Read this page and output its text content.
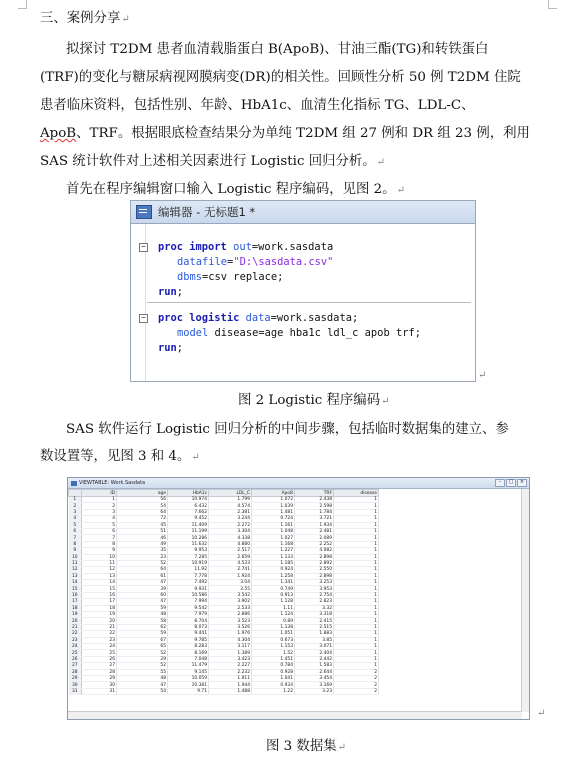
三、案例分享↵
拟探讨 T2DM 患者血清载脂蛋白 B(ApoB)、甘油三酯(TG)和转铁蛋白
(TRF)的变化与糖尿病视网膜病变(DR)的相关性。回顾性分析 50 例 T2DM 住院
患者临床资料，包括性别、年龄、HbA1c、血清生化指标 TG、LDL-C、
ApoB、TRF。根据眼底检查结果分为单纯 T2DM 组 27 例和 DR 组 23 例，利用
SAS 统计软件对上述相关因素进行 Logistic 回归分析。↵
首先在程序编辑窗口输入 Logistic 程序编码，见图 2。↵
编辑器 - 无标题1 *
− proc import out=work.sasdata
datafile="D:\sasdata.csv"
dbms=csv replace;
run;
− proc logistic data=work.sasdata;
model disease=age hba1c ldl_c apob trf;
run;
↵
图 2 Logistic 程序编码↵
SAS 软件运行 Logistic 回归分析的中间步骤，包括临时数据集的建立、参
数设置等，见图 3 和 4。↵
VIEWTABLE: Work.Sasdata	–	□	×
	ID	age	HbA1c	LDL_C	ApoB	TRF	disease
1	1	56	10.974	1.799	1.072	2.438	1
2	2	54	6.432	4.574	1.039	2.598	1
3	3	64	7.662	2.381	1.481	1.784	1
4	4	72	9.452	3.244	0.724	3.721	1
5	5	45	11.409	2.272	1.161	1.934	1
6	6	51	11.199	3.304	1.048	2.481	1
7	7	46	10.286	4.338	1.027	2.089	1
8	8	49	11.632	4.880	1.168	2.252	1
9	9	35	9.953	2.517	1.227	4.082	1
10	10	23	7.285	2.659	1.133	2.898	1
11	11	52	10.919	4.533	1.185	2.892	1
12	12	64	11.92	2.741	0.924	2.550	1
13	13	61	7.778	1.924	1.258	2.898	1
14	14	47	7.492	3.04	1.341	3.253	1
15	15	39	9.931	3.55	0.749	3.953	1
16	16	60	10.586	3.542	0.913	2.754	1
17	17	47	7.994	3.902	1.128	2.823	1
18	18	59	9.542	2.533	1.11	3.32	1
19	19	48	7.979	2.886	1.124	3.318	1
20	20	58	8.704	3.523	0.89	2.415	1
21	21	62	8.073	3.526	1.138	2.515	1
22	22	59	9.441	1.976	1.051	1.883	1
23	23	67	9.785	4.304	0.673	3.85	1
24	24	65	8.283	3.117	1.153	3.071	1
25	25	52	8.169	1.389	1.52	2.404	1
26	26	29	7.048	3.423	1.451	2.442	1
27	27	52	11.479	2.227	0.784	1.583	1
28	28	55	9.145	2.232	0.928	2.644	2
29	29	48	10.059	1.911	1.041	3.454	2
30	30	47	10.381	1.944	0.934	3.169	2
31	31	54	9.71	1.488	1.22	3.23	2
↵
图 3 数据集↵
